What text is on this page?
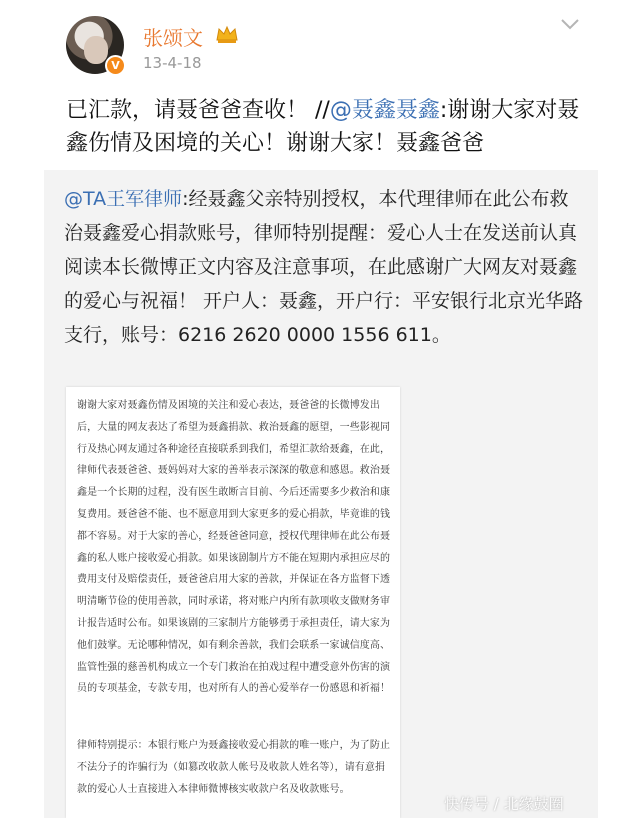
V
张颂文
13-4-18
已汇款，请聂爸爸查收！ //@聂鑫聂鑫:谢谢大家对聂鑫伤情及困境的关心！谢谢大家！聂鑫爸爸
@TA王军律师:经聂鑫父亲特别授权，本代理律师在此公布救治聂鑫爱心捐款账号，律师特别提醒：爱心人士在发送前认真阅读本长微博正文内容及注意事项，在此感谢广大网友对聂鑫的爱心与祝福！ 开户人：聂鑫，开户行：平安银行北京光华路支行，账号：6216 2620 0000 1556 611。
谢谢大家对聂鑫伤情及困境的关注和爱心表达，聂爸爸的长微博发出后，大量的网友表达了希望为聂鑫捐款、救治聂鑫的愿望，一些影视同行及热心网友通过各种途径直接联系到我们，希望汇款给聂鑫，在此，律师代表聂爸爸、聂妈妈对大家的善举表示深深的敬意和感恩。救治聂鑫是一个长期的过程，没有医生敢断言目前、今后还需要多少救治和康复费用。聂爸爸不能、也不愿意用到大家更多的爱心捐款，毕竟谁的钱都不容易。对于大家的善心，经聂爸爸同意，授权代理律师在此公布聂鑫的私人账户接收爱心捐款。如果该剧制片方不能在短期内承担应尽的费用支付及赔偿责任，聂爸爸启用大家的善款，并保证在各方监督下透明清晰节俭的使用善款，同时承诺，将对账户内所有款项收支做财务审计报告适时公布。如果该剧的三家制片方能够勇于承担责任，请大家为他们鼓掌。无论哪种情况，如有剩余善款，我们会联系一家诚信度高、监管性强的慈善机构成立一个专门救治在拍戏过程中遭受意外伤害的演员的专项基金，专款专用，也对所有人的善心爱举存一份感恩和祈福！
律师特别提示：本银行账户为聂鑫接收爱心捐款的唯一账户，为了防止不法分子的诈骗行为（如篡改收款人帐号及收款人姓名等），请有意捐款的爱心人士直接进入本律师微博核实收款户名及收款账号。
快传号 / 北缘鼓圈
